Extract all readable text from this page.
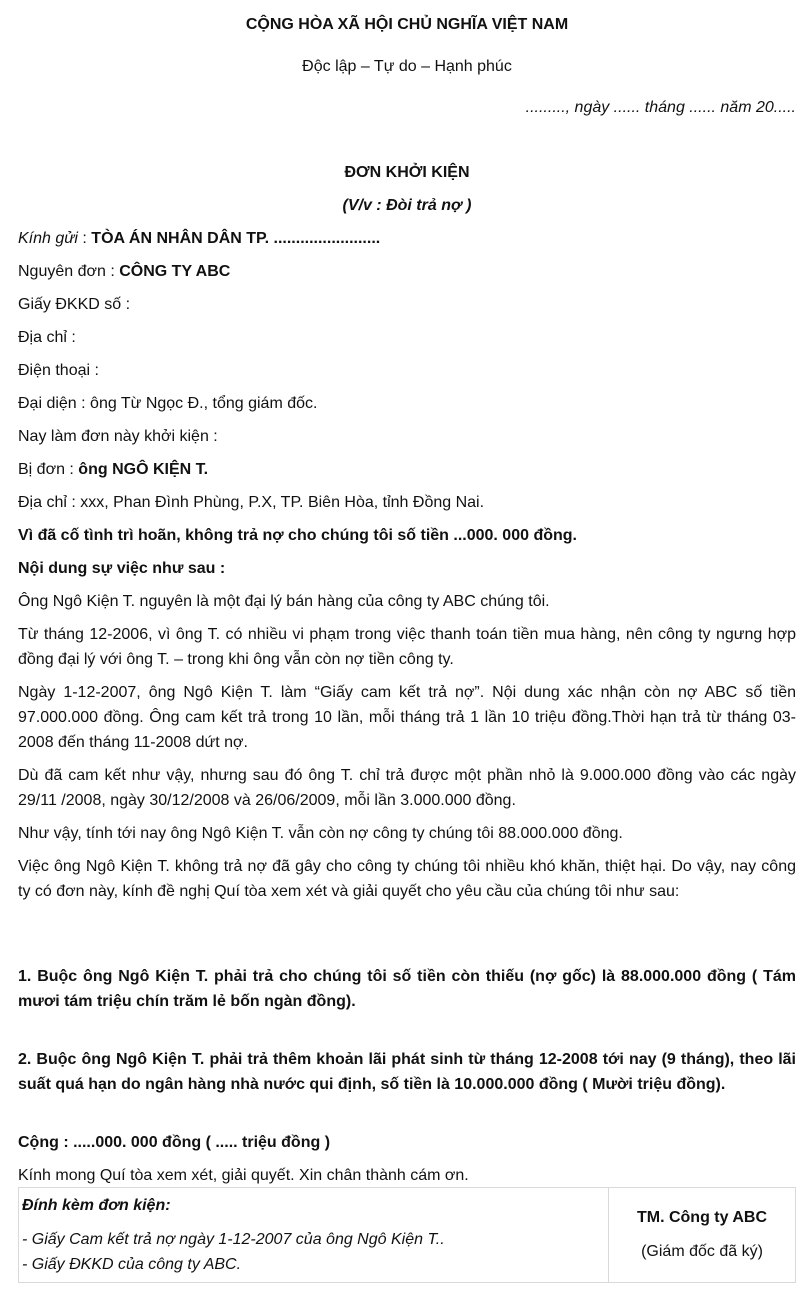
CỘNG HÒA XÃ HỘI CHỦ NGHĨA VIỆT NAM
Độc lập – Tự do – Hạnh phúc
........., ngày ...... tháng ...... năm 20.....
ĐƠN KHỞI KIỆN
(V/v : Đòi trả nợ )
Kính gửi : TÒA ÁN NHÂN DÂN TP. ........................
Nguyên đơn : CÔNG TY ABC
Giấy ĐKKD số :
Địa chỉ :
Điện thoại :
Đại diện : ông Từ Ngọc Đ., tổng giám đốc.
Nay làm đơn này khởi kiện :
Bị đơn : ông NGÔ KIỆN T.
Địa chỉ : xxx, Phan Đình Phùng, P.X, TP. Biên Hòa, tỉnh Đồng Nai.
Vì đã cố tình trì hoãn, không trả nợ cho chúng tôi số tiền ...000. 000 đồng.
Nội dung sự việc như sau :
Ông Ngô Kiện T. nguyên là một đại lý bán hàng của công ty ABC chúng tôi.
Từ tháng 12-2006, vì ông T. có nhiều vi phạm trong việc thanh toán tiền mua hàng, nên công ty ngưng hợp đồng đại lý với ông T. – trong khi ông vẫn còn nợ tiền công ty.
Ngày 1-12-2007, ông Ngô Kiện T. làm “Giấy cam kết trả nợ”. Nội dung xác nhận còn nợ ABC số tiền 97.000.000 đồng. Ông cam kết trả trong 10 lần, mỗi tháng trả 1 lần 10 triệu đồng.Thời hạn trả từ tháng 03-2008 đến tháng 11-2008 dứt nợ.
Dù đã cam kết như vậy, nhưng sau đó ông T. chỉ trả được một phần nhỏ là 9.000.000 đồng vào các ngày 29/11 /2008, ngày 30/12/2008 và 26/06/2009, mỗi lần 3.000.000 đồng.
Như vậy, tính tới nay ông Ngô Kiện T. vẫn còn nợ công ty chúng tôi 88.000.000 đồng.
Việc ông Ngô Kiện T. không trả nợ đã gây cho công ty chúng tôi nhiều khó khăn, thiệt hại. Do vậy, nay công ty có đơn này, kính đề nghị Quí tòa xem xét và giải quyết cho yêu cầu của chúng tôi như sau:
1. Buộc ông Ngô Kiện T. phải trả cho chúng tôi số tiền còn thiếu (nợ gốc) là 88.000.000 đồng ( Tám mươi tám triệu chín trăm lẻ bốn ngàn đồng).
2. Buộc ông Ngô Kiện T. phải trả thêm khoản lãi phát sinh từ tháng 12-2008 tới nay (9 tháng), theo lãi suất quá hạn do ngân hàng nhà nước qui định, số tiền là 10.000.000 đồng ( Mười triệu đồng).
Cộng : .....000. 000 đồng ( ..... triệu đồng )
Kính mong Quí tòa xem xét, giải quyết. Xin chân thành cám ơn.
Đính kèm đơn kiện:
- Giấy Cam kết trả nợ ngày 1-12-2007 của ông Ngô Kiện T..
- Giấy ĐKKD của công ty ABC.

TM. Công ty ABC
(Giám đốc đã ký)
